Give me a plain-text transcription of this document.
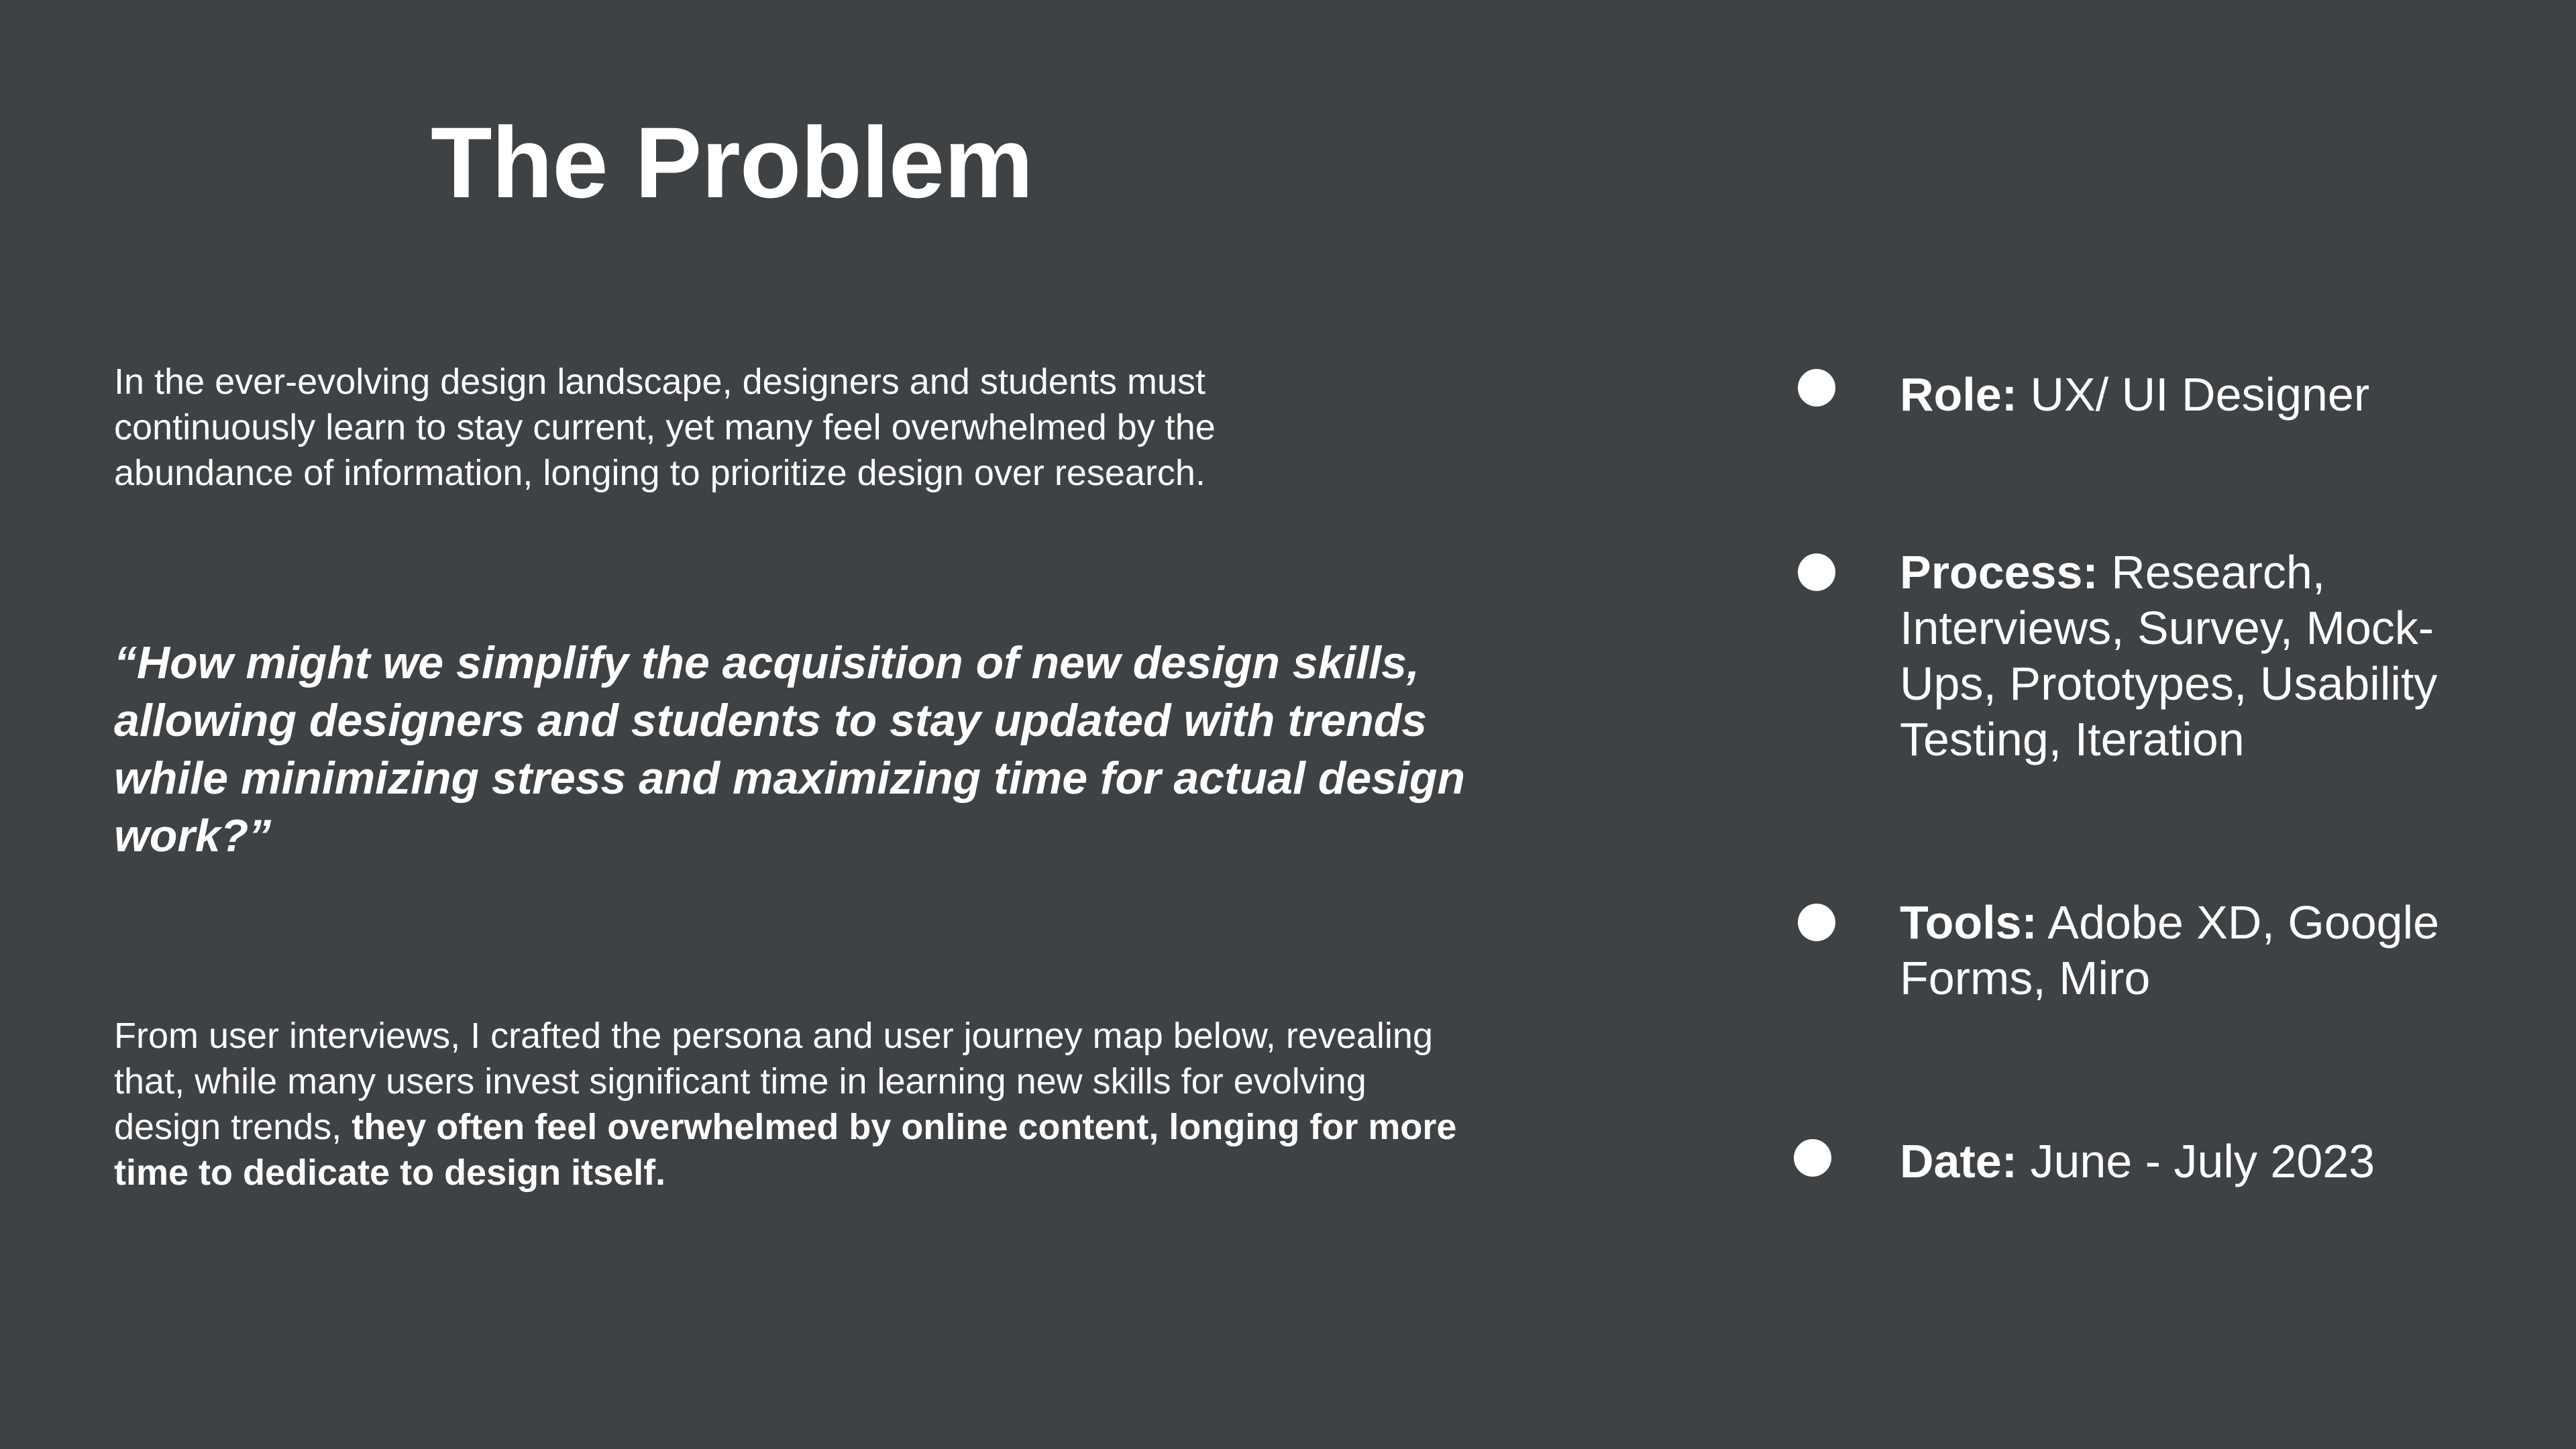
The Problem

In the ever-evolving design landscape, designers and students must continuously learn to stay current, yet many feel overwhelmed by the abundance of information, longing to prioritize design over research.

“How might we simplify the acquisition of new design skills, allowing designers and students to stay updated with trends while minimizing stress and maximizing time for actual design work?”

From user interviews, I crafted the persona and user journey map below, revealing that, while many users invest significant time in learning new skills for evolving design trends, they often feel overwhelmed by online content, longing for more time to dedicate to design itself.

Role: UX/ UI Designer

Process: Research, Interviews, Survey, Mock-Ups, Prototypes, Usability Testing, Iteration

Tools: Adobe XD, Google Forms, Miro

Date: June - July 2023
